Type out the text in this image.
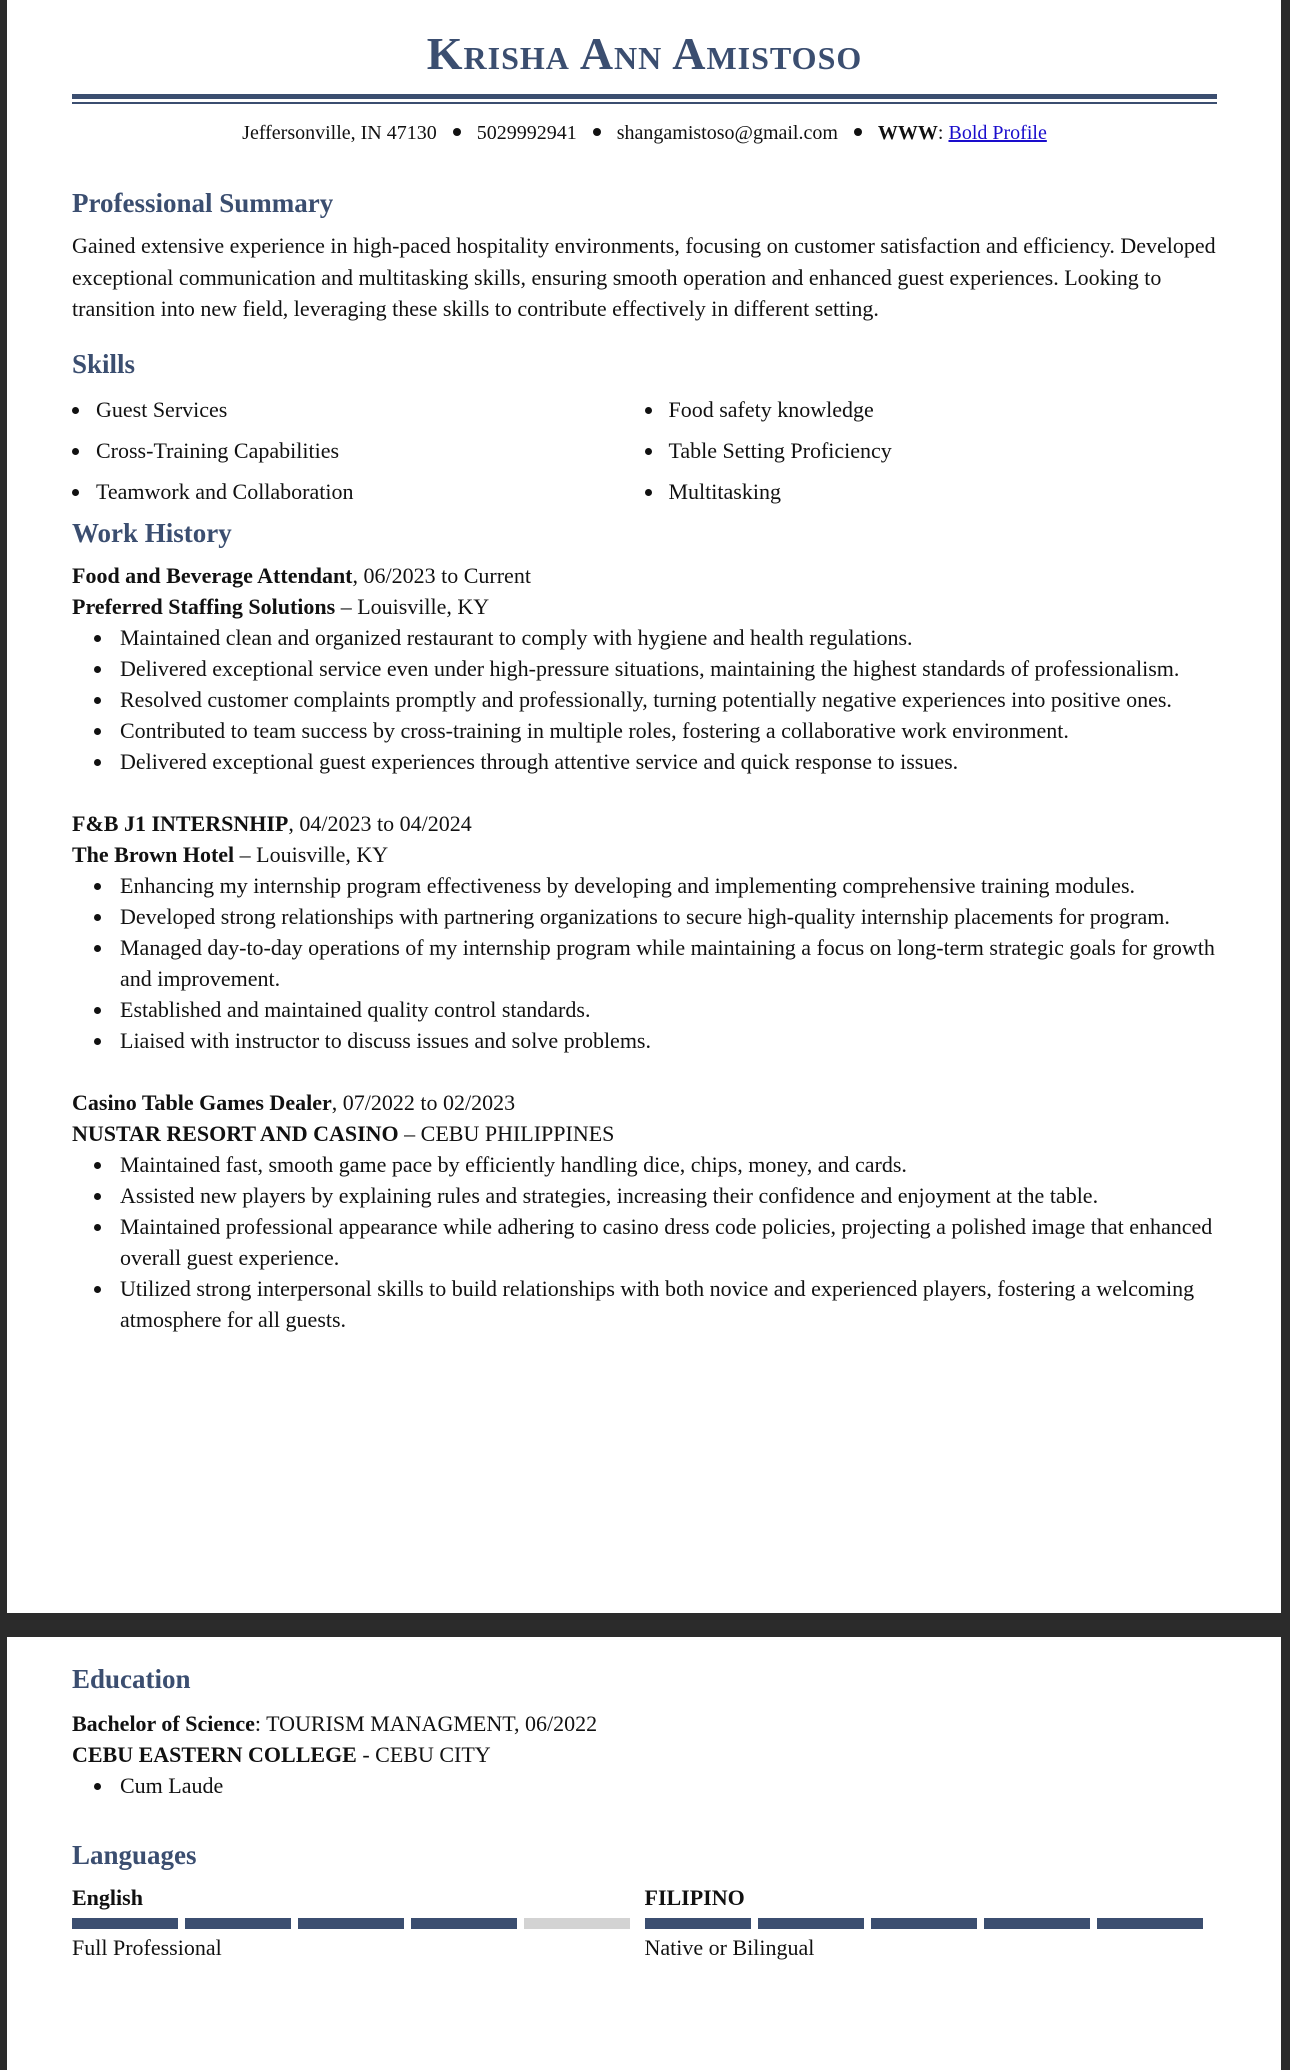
Krisha Ann Amistoso
Jeffersonville, IN 47130 5029992941 shangamistoso@gmail.com WWW: Bold Profile
Professional Summary

Gained extensive experience in high-paced hospitality environments, focusing on customer satisfaction and efficiency. Developed exceptional communication and multitasking skills, ensuring smooth operation and enhanced guest experiences. Looking to transition into new field, leveraging these skills to contribute effectively in different setting.

Skills
Guest Services
Cross-Training Capabilities
Teamwork and Collaboration
Food safety knowledge
Table Setting Proficiency
Multitasking
Work History
Food and Beverage Attendant, 06/2023 to Current
Preferred Staffing Solutions – Louisville, KY
Maintained clean and organized restaurant to comply with hygiene and health regulations.
Delivered exceptional service even under high-pressure situations, maintaining the highest standards of professionalism.
Resolved customer complaints promptly and professionally, turning potentially negative experiences into positive ones.
Contributed to team success by cross-training in multiple roles, fostering a collaborative work environment.
Delivered exceptional guest experiences through attentive service and quick response to issues.
F&B J1 INTERSNHIP, 04/2023 to 04/2024
The Brown Hotel – Louisville, KY
Enhancing my internship program effectiveness by developing and implementing comprehensive training modules.
Developed strong relationships with partnering organizations to secure high-quality internship placements for program.
Managed day-to-day operations of my internship program while maintaining a focus on long-term strategic goals for growth and improvement.
Established and maintained quality control standards.
Liaised with instructor to discuss issues and solve problems.
Casino Table Games Dealer, 07/2022 to 02/2023
NUSTAR RESORT AND CASINO – CEBU PHILIPPINES
Maintained fast, smooth game pace by efficiently handling dice, chips, money, and cards.
Assisted new players by explaining rules and strategies, increasing their confidence and enjoyment at the table.
Maintained professional appearance while adhering to casino dress code policies, projecting a polished image that enhanced overall guest experience.
Utilized strong interpersonal skills to build relationships with both novice and experienced players, fostering a welcoming atmosphere for all guests.
Education
Bachelor of Science: TOURISM MANAGMENT, 06/2022
CEBU EASTERN COLLEGE - CEBU CITY
Cum Laude
Languages
English
Full Professional
FILIPINO
Native or Bilingual
